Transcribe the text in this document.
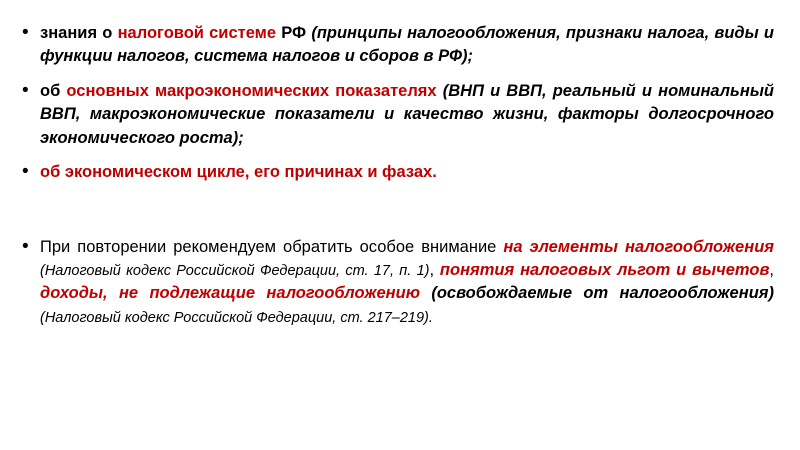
• знания о налоговой системе РФ (принципы налогообложения, признаки налога, виды и функции налогов, система налогов и сборов в РФ);
• об основных макроэкономических показателях (ВНП и ВВП, реальный и номинальный ВВП, макроэкономические показатели и качество жизни, факторы долгосрочного экономического роста);
• об экономическом цикле, его причинах и фазах.
• При повторении рекомендуем обратить особое внимание на элементы налогообложения (Налоговый кодекс Российской Федерации, ст. 17, п. 1), понятия налоговых льгот и вычетов, доходы, не подлежащие налогообложению (освобождаемые от налогообложения) (Налоговый кодекс Российской Федерации, ст. 217–219).
